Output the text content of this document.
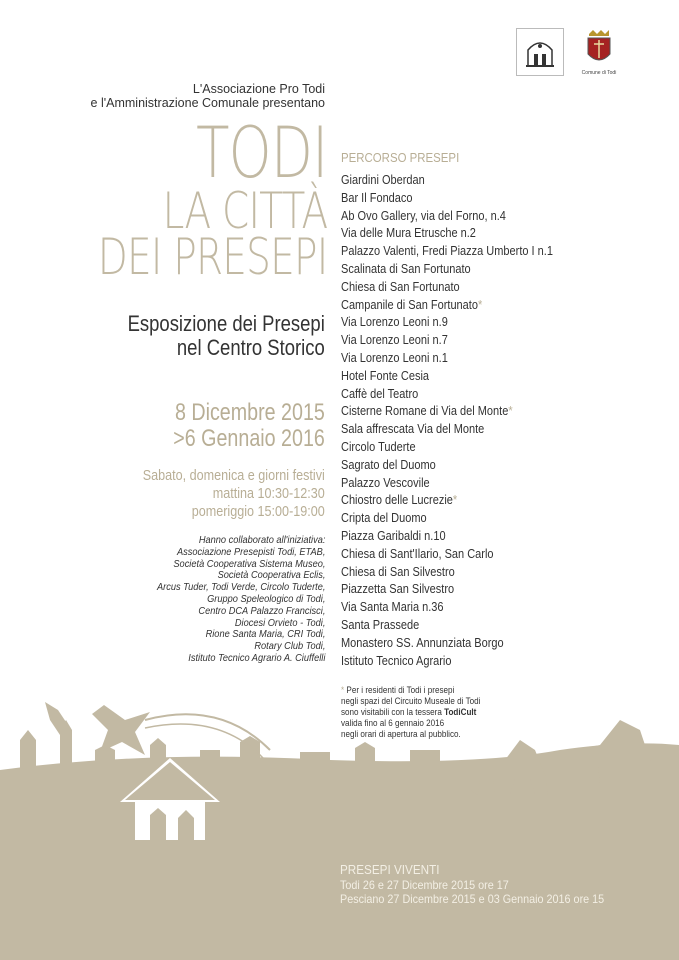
Comune di Todi
L'Associazione Pro Todi
e l'Amministrazione Comunale presentano
TODI
LA CITTÀ
DEI PRESEPI
Esposizione dei Presepi
nel Centro Storico
8 Dicembre 2015
>6 Gennaio 2016
Sabato, domenica e giorni festivi
mattina 10:30-12:30
pomeriggio 15:00-19:00
Hanno collaborato all'iniziativa:
Associazione Presepisti Todi, ETAB,
Società Cooperativa Sistema Museo,
Società Cooperativa Eclis,
Arcus Tuder, Todi Verde, Circolo Tuderte,
Gruppo Speleologico di Todi,
Centro DCA Palazzo Francisci,
Diocesi Orvieto - Todi,
Rione Santa Maria, CRI Todi,
Rotary Club Todi,
Istituto Tecnico Agrario A. Ciuffelli
PERCORSO PRESEPI
Giardini Oberdan
Bar Il Fondaco
Ab Ovo Gallery, via del Forno, n.4
Via delle Mura Etrusche n.2
Palazzo Valenti, Fredi Piazza Umberto I n.1
Scalinata di San Fortunato
Chiesa di San Fortunato
Campanile di San Fortunato*
Via Lorenzo Leoni n.9
Via Lorenzo Leoni n.7
Via Lorenzo Leoni n.1
Hotel Fonte Cesia
Caffè del Teatro
Cisterne Romane di Via del Monte*
Sala affrescata Via del Monte
Circolo Tuderte
Sagrato del Duomo
Palazzo Vescovile
Chiostro delle Lucrezie*
Cripta del Duomo
Piazza Garibaldi n.10
Chiesa di Sant'Ilario, San Carlo
Chiesa di San Silvestro
Piazzetta San Silvestro
Via Santa Maria n.36
Santa Prassede
Monastero SS. Annunziata Borgo
Istituto Tecnico Agrario
* Per i residenti di Todi i presepi
negli spazi del Circuito Museale di Todi
sono visitabili con la tessera TodiCult
valida fino al 6 gennaio 2016
negli orari di apertura al pubblico.
PRESEPI VIVENTI
Todi 26 e 27 Dicembre 2015 ore 17
Pesciano 27 Dicembre 2015 e 03 Gennaio 2016 ore 15
